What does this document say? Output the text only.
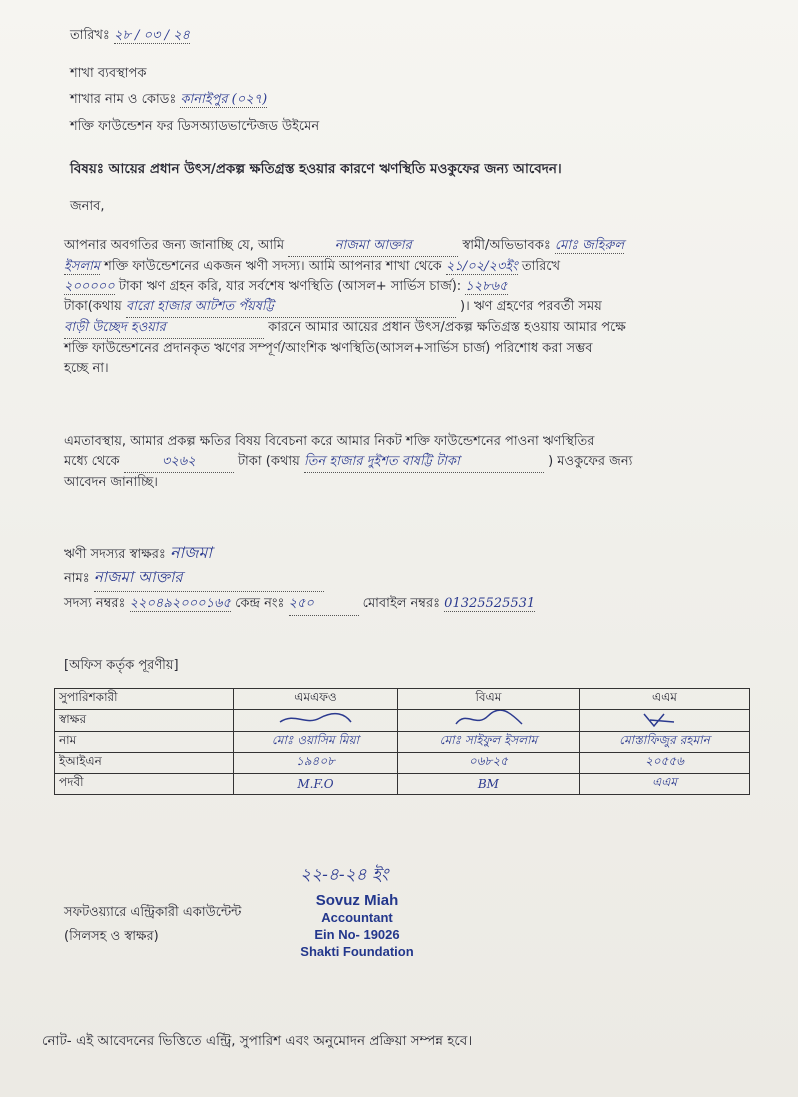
তারিখঃ ২৮ / ০৩ / ২৪
শাখা ব্যবস্থাপক
শাখার নাম ও কোডঃ কানাইপুর (০২৭)
শক্তি ফাউন্ডেশন ফর ডিসঅ্যাডভান্টেজড উইমেন
বিষয়ঃ আয়ের প্রধান উৎস/প্রকল্প ক্ষতিগ্রস্ত হওয়ার কারণে ঋণস্থিতি মওকুফের জন্য আবেদন।
জনাব,
আপনার অবগতির জন্য জানাচ্ছি যে, আমি	নাজমা আক্তার	স্বামী/অভিভাবকঃ মোঃ জহিরুল
ইসলাম শক্তি ফাউন্ডেশনের একজন ঋণী সদস্য। আমি আপনার শাখা থেকে ২১/০২/২৩ইং তারিখে
২০০০০০ টাকা ঋণ গ্রহন করি, যার সর্বশেষ ঋণস্থিতি (আসল+ সার্ভিস চার্জ): ১২৮৬৫
টাকা(কথায় বারো হাজার আটশত পঁয়ষট্টি	)। ঋণ গ্রহণের পরবর্তী সময়
বাড়ী উচ্ছেদ হওয়ার	কারনে আমার আয়ের প্রধান উৎস/প্রকল্প ক্ষতিগ্রস্ত হওয়ায় আমার পক্ষে
শক্তি ফাউন্ডেশনের প্রদানকৃত ঋণের সম্পূর্ণ/আংশিক ঋণস্থিতি(আসল+সার্ভিস চার্জ) পরিশোধ করা সম্ভব
হচ্ছে না।
এমতাবস্থায়, আমার প্রকল্প ক্ষতির বিষয় বিবেচনা করে আমার নিকট শক্তি ফাউন্ডেশনের পাওনা ঋণস্থিতির
মধ্যে থেকে	৩২৬২	টাকা (কথায় তিন হাজার দুইশত বাষট্টি টাকা	) মওকুফের জন্য
আবেদন জানাচ্ছি।
ঋণী সদস্যর স্বাক্ষরঃ নাজমা
নামঃ নাজমা আক্তার
সদস্য নম্বরঃ ২২০৪৯২০০০১৬৫ কেন্দ্র নংঃ ২৫০	মোবাইল নম্বরঃ 01325525531
[অফিস কর্তৃক পূরণীয়]
সুপারিশকারী	এমএফও	বিএম	এএম
স্বাক্ষর			
নাম	মোঃ ওয়াসিম মিয়া	মোঃ সাইফুল ইসলাম	মোস্তাফিজুর রহমান
ইআইএন	১৯৪০৮	০৬৮২৫	২০৫৫৬
পদবী	M.F.O	BM	এএম
২২-৪-২৪ ইং
সফটওয়্যারে এন্ট্রিকারী একাউন্টেন্ট
(সিলসহ ও স্বাক্ষর)
Sovuz Miah
Accountant
Ein No- 19026
Shakti Foundation
নোট- এই আবেদনের ভিত্তিতে এন্ট্রি, সুপারিশ এবং অনুমোদন প্রক্রিয়া সম্পন্ন হবে।
